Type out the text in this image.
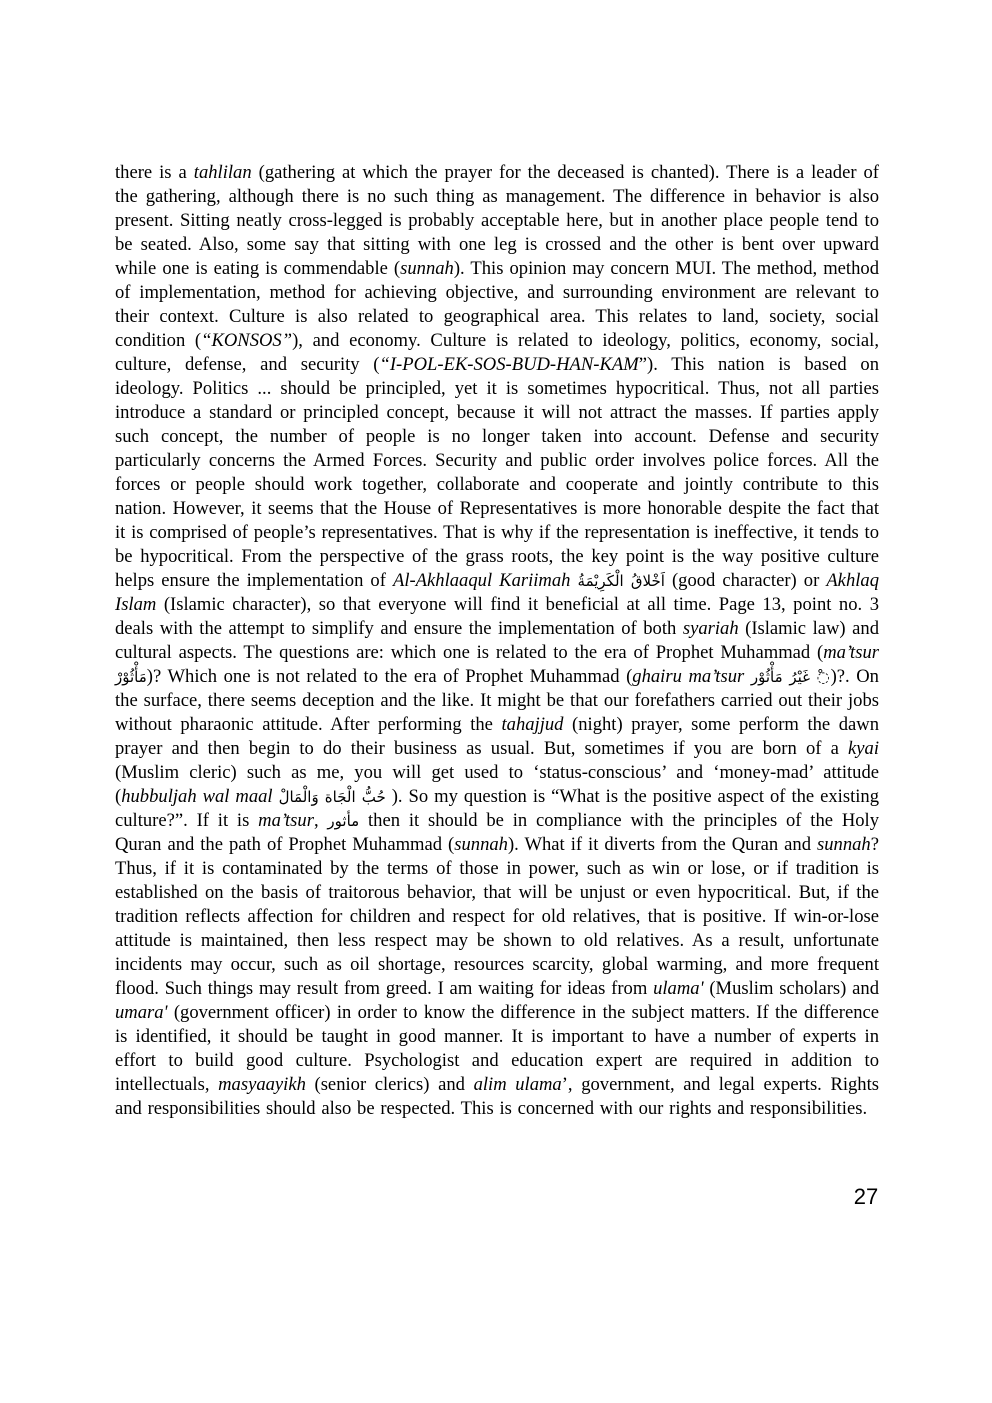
there is a tahlilan (gathering at which the prayer for the deceased is chanted). There is a leader of the gathering, although there is no such thing as management. The difference in behavior is also present. Sitting neatly cross-legged is probably acceptable here, but in another place people tend to be seated. Also, some say that sitting with one leg is crossed and the other is bent over upward while one is eating is commendable (sunnah). This opinion may concern MUI. The method, method of implementation, method for achieving objective, and surrounding environment are relevant to their context. Culture is also related to geographical area. This relates to land, society, social condition (“KONSOS”), and economy. Culture is related to ideology, politics, economy, social, culture, defense, and security (“I-POL-EK-SOS-BUD-HAN-KAM”). This nation is based on ideology. Politics ... should be principled, yet it is sometimes hypocritical. Thus, not all parties introduce a standard or principled concept, because it will not attract the masses. If parties apply such concept, the number of people is no longer taken into account. Defense and security particularly concerns the Armed Forces. Security and public order involves police forces. All the forces or people should work together, collaborate and cooperate and jointly contribute to this nation. However, it seems that the House of Representatives is more honorable despite the fact that it is comprised of people’s representatives. That is why if the representation is ineffective, it tends to be hypocritical. From the perspective of the grass roots, the key point is the way positive culture helps ensure the implementation of Al-Akhlaaqul Kariimah اَخْلاقُ الْكَرِيْمَةُ (good character) or Akhlaq Islam (Islamic character), so that everyone will find it beneficial at all time. Page 13, point no. 3 deals with the attempt to simplify and ensure the implementation of both syariah (Islamic law) and cultural aspects. The questions are: which one is related to the era of Prophet Muhammad (ma’tsur مَأْثُوْرْ)? Which one is not related to the era of Prophet Muhammad (ghairu ma’tsur غَيْرُ مَأْثُوْر ◌ْ)?. On the surface, there seems deception and the like. It might be that our forefathers carried out their jobs without pharaonic attitude. After performing the tahajjud (night) prayer, some perform the dawn prayer and then begin to do their business as usual. But, sometimes if you are born of a kyai (Muslim cleric) such as me, you will get used to ‘status-conscious’ and ‘money-mad’ attitude (hubbuljah wal maal حُبُّ الْجَاة وَالْمَالْ ). So my question is “What is the positive aspect of the existing culture?”. If it is ma’tsur, مأثور then it should be in compliance with the principles of the Holy Quran and the path of Prophet Muhammad (sunnah). What if it diverts from the Quran and sunnah? Thus, if it is contaminated by the terms of those in power, such as win or lose, or if tradition is established on the basis of traitorous behavior, that will be unjust or even hypocritical. But, if the tradition reflects affection for children and respect for old relatives, that is positive. If win-or-lose attitude is maintained, then less respect may be shown to old relatives. As a result, unfortunate incidents may occur, such as oil shortage, resources scarcity, global warming, and more frequent flood. Such things may result from greed. I am waiting for ideas from ulama' (Muslim scholars) and umara' (government officer) in order to know the difference in the subject matters. If the difference is identified, it should be taught in good manner. It is important to have a number of experts in effort to build good culture. Psychologist and education expert are required in addition to intellectuals, masyaayikh (senior clerics) and alim ulama’, government, and legal experts. Rights and responsibilities should also be respected. This is concerned with our rights and responsibilities.
27
